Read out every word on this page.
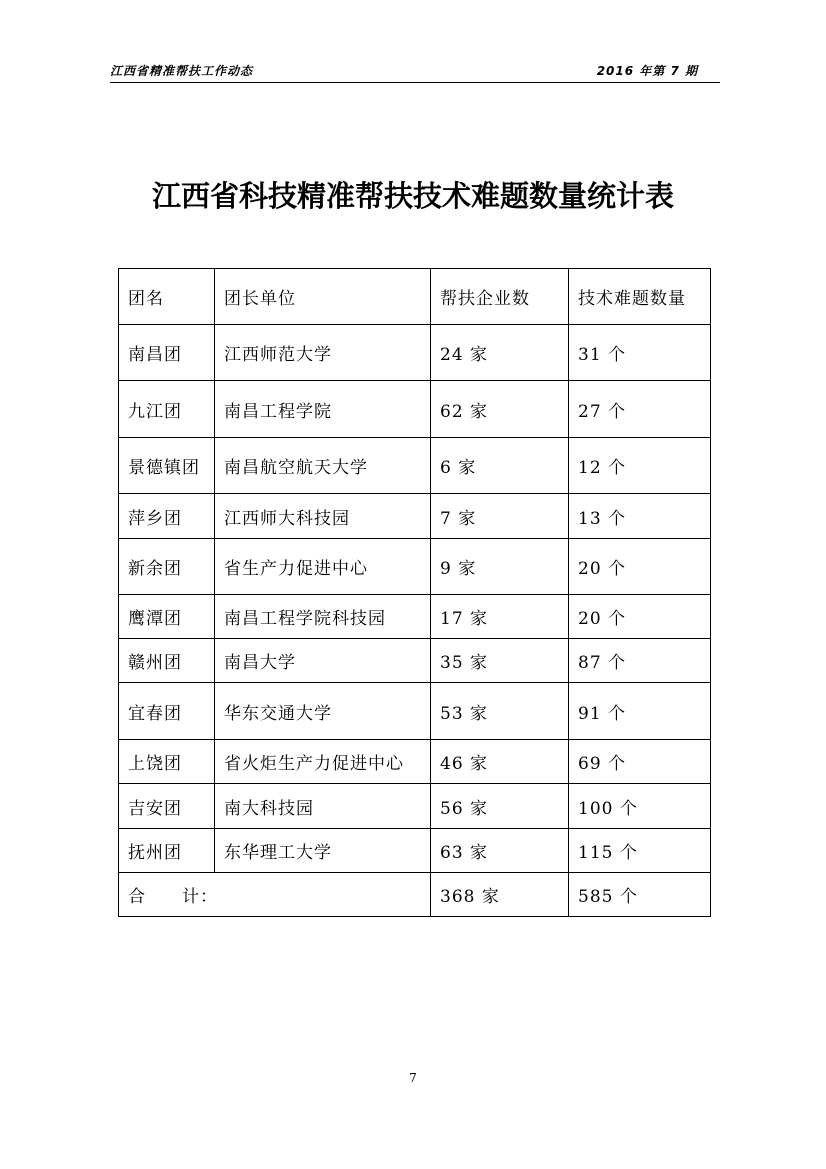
江西省精准帮扶工作动态	2016 年第 7 期
江西省科技精准帮扶技术难题数量统计表
团名	团长单位	帮扶企业数	技术难题数量
南昌团	江西师范大学	24 家	31 个
九江团	南昌工程学院	62 家	27 个
景德镇团	南昌航空航天大学	6 家	12 个
萍乡团	江西师大科技园	7 家	13 个
新余团	省生产力促进中心	9 家	20 个
鹰潭团	南昌工程学院科技园	17 家	20 个
赣州团	南昌大学	35 家	87 个
宜春团	华东交通大学	53 家	91 个
上饶团	省火炬生产力促进中心	46 家	69 个
吉安团	南大科技园	56 家	100 个
抚州团	东华理工大学	63 家	115 个
合　　计：		368 家	585 个
7
